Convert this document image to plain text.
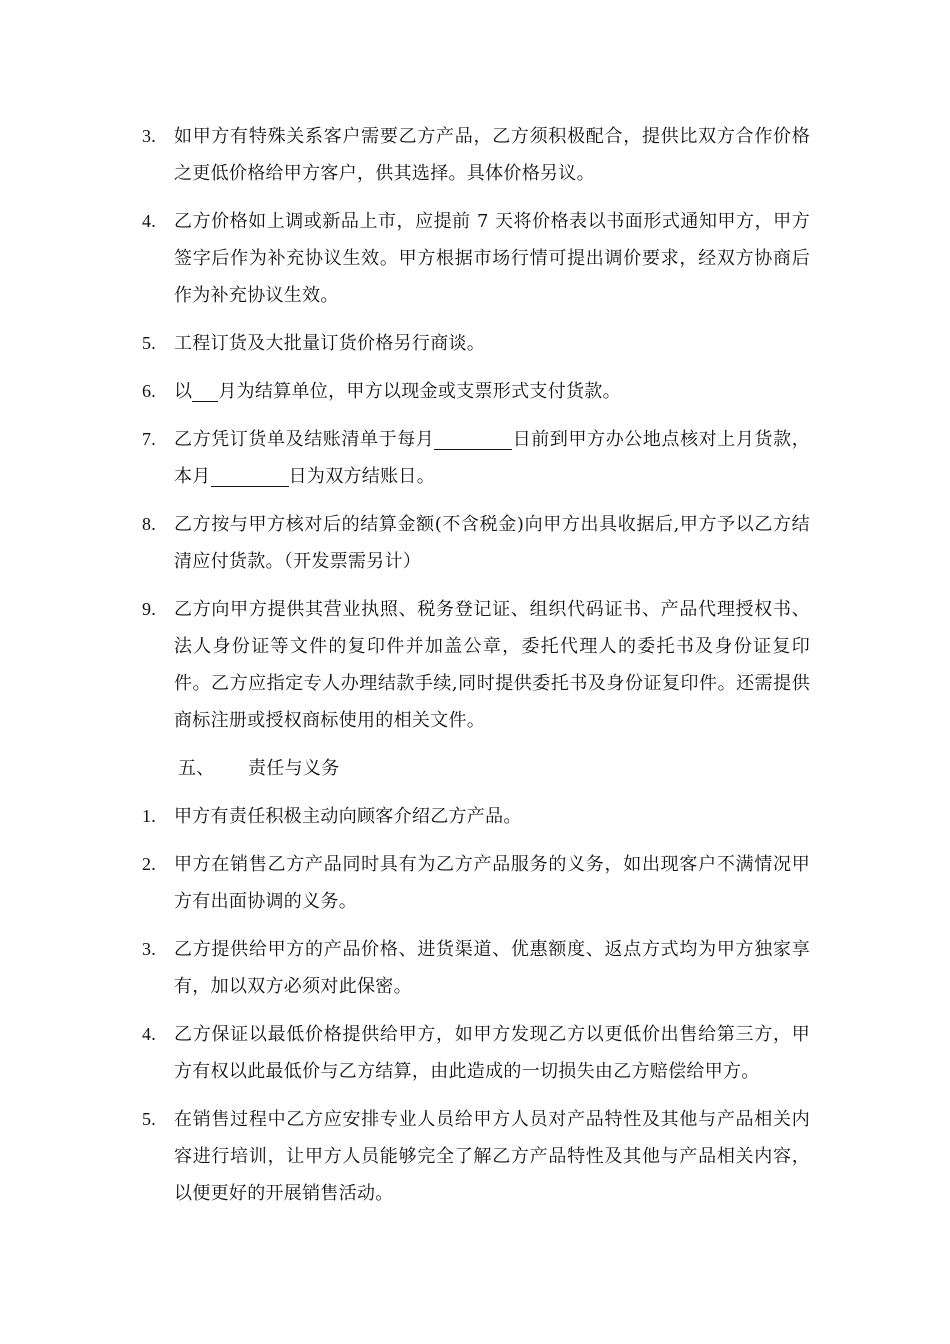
3. 如甲方有特殊关系客户需要乙方产品，乙方须积极配合，提供比双方合作价格之更低价格给甲方客户，供其选择。具体价格另议。
4. 乙方价格如上调或新品上市，应提前 7 天将价格表以书面形式通知甲方，甲方签字后作为补充协议生效。甲方根据市场行情可提出调价要求，经双方协商后作为补充协议生效。
5. 工程订货及大批量订货价格另行商谈。
6. 以 月为结算单位，甲方以现金或支票形式支付货款。
7. 乙方凭订货单及结账清单于每月	日前到甲方办公地点核对上月货款，本月	日为双方结账日。
8. 乙方按与甲方核对后的结算金额(不含税金)向甲方出具收据后,甲方予以乙方结清应付货款。（开发票需另计）
9. 乙方向甲方提供其营业执照、税务登记证、组织代码证书、产品代理授权书、法人身份证等文件的复印件并加盖公章，委托代理人的委托书及身份证复印件。乙方应指定专人办理结款手续,同时提供委托书及身份证复印件。还需提供商标注册或授权商标使用的相关文件。
五、 责任与义务
1. 甲方有责任积极主动向顾客介绍乙方产品。
2. 甲方在销售乙方产品同时具有为乙方产品服务的义务，如出现客户不满情况甲方有出面协调的义务。
3. 乙方提供给甲方的产品价格、进货渠道、优惠额度、返点方式均为甲方独家享有，加以双方必须对此保密。
4. 乙方保证以最低价格提供给甲方，如甲方发现乙方以更低价出售给第三方，甲方有权以此最低价与乙方结算，由此造成的一切损失由乙方赔偿给甲方。
5. 在销售过程中乙方应安排专业人员给甲方人员对产品特性及其他与产品相关内容进行培训，让甲方人员能够完全了解乙方产品特性及其他与产品相关内容，以便更好的开展销售活动。
